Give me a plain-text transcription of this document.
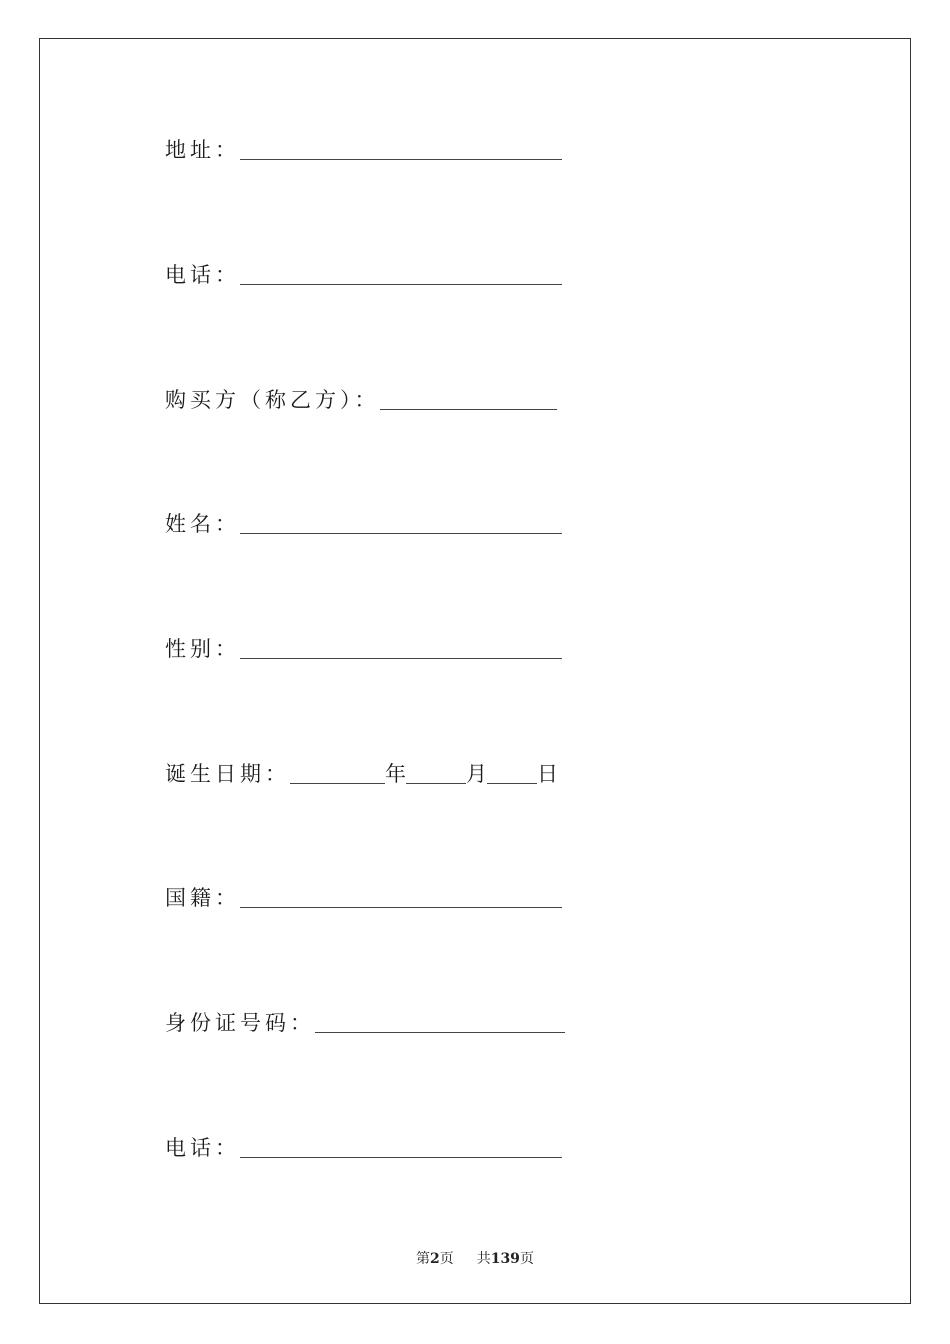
地址：
电话：
购买方（称乙方）：
姓名：
性别：
诞生日期：	年	月 日
国籍：
身份证号码：
电话：
第2页 共139页
